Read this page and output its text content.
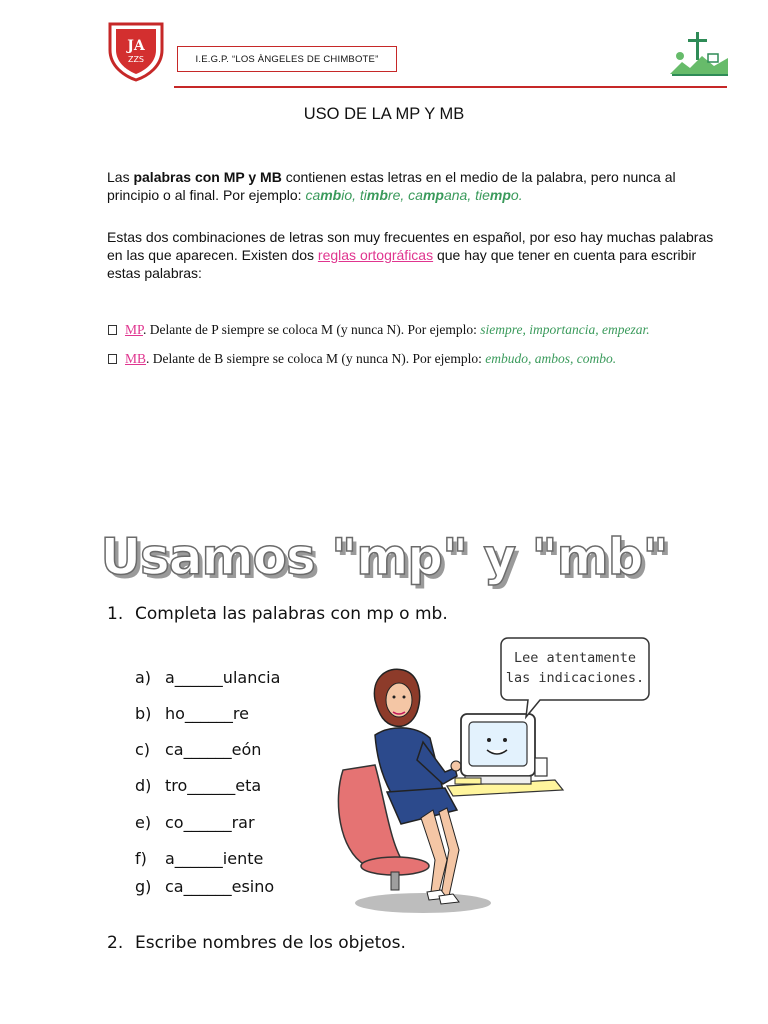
JA
ZZS	I.E.G.P. “LOS ÀNGELES DE CHIMBOTE”
USO DE LA MP Y MB
Las palabras con MP y MB contienen estas letras en el medio de la palabra, pero nunca al principio o al final. Por ejemplo: cambio, timbre, campana, tiempo.
Estas dos combinaciones de letras son muy frecuentes en español, por eso hay muchas palabras en las que aparecen. Existen dos reglas ortográficas que hay que tener en cuenta para escribir estas palabras:
MP. Delante de P siempre se coloca M (y nunca N). Por ejemplo: siempre, importancia, empezar.
MB. Delante de B siempre se coloca M (y nunca N). Por ejemplo: embudo, ambos, combo.
Usamos "mp" y "mb"
1. Completa las palabras con mp o mb.
a) a______ulancia
b) ho______re
c) ca______eón
d) tro______eta
e) co______rar
f) a______iente
g) ca______esino
Lee atentamente
las indicaciones.
2. Escribe nombres de los objetos.
